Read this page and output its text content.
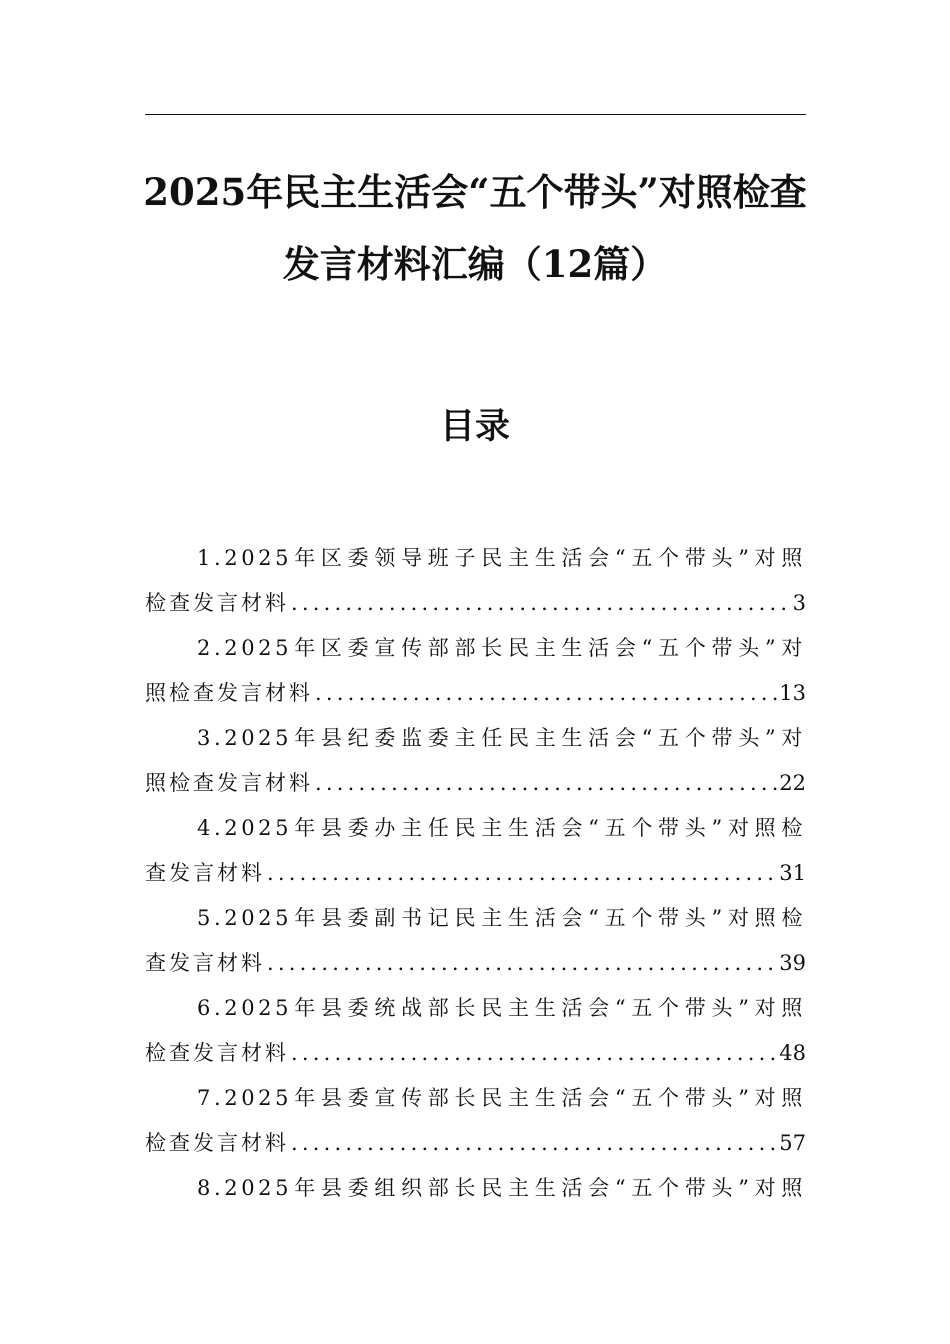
2025年民主生活会“五个带头”对照检查
发言材料汇编（12篇）
目录
1.2025年区委领导班子民主生活会“五个带头”对照
检查发言材料 .....	3
2.2025年区委宣传部部长民主生活会“五个带头”对
照检查发言材料 .....	13
3.2025年县纪委监委主任民主生活会“五个带头”对
照检查发言材料 .....	22
4.2025年县委办主任民主生活会“五个带头”对照检
查发言材料 .....	31
5.2025年县委副书记民主生活会“五个带头”对照检
查发言材料 .....	39
6.2025年县委统战部长民主生活会“五个带头”对照
检查发言材料 .....	48
7.2025年县委宣传部长民主生活会“五个带头”对照
检查发言材料 .....	57
8.2025年县委组织部长民主生活会“五个带头”对照
